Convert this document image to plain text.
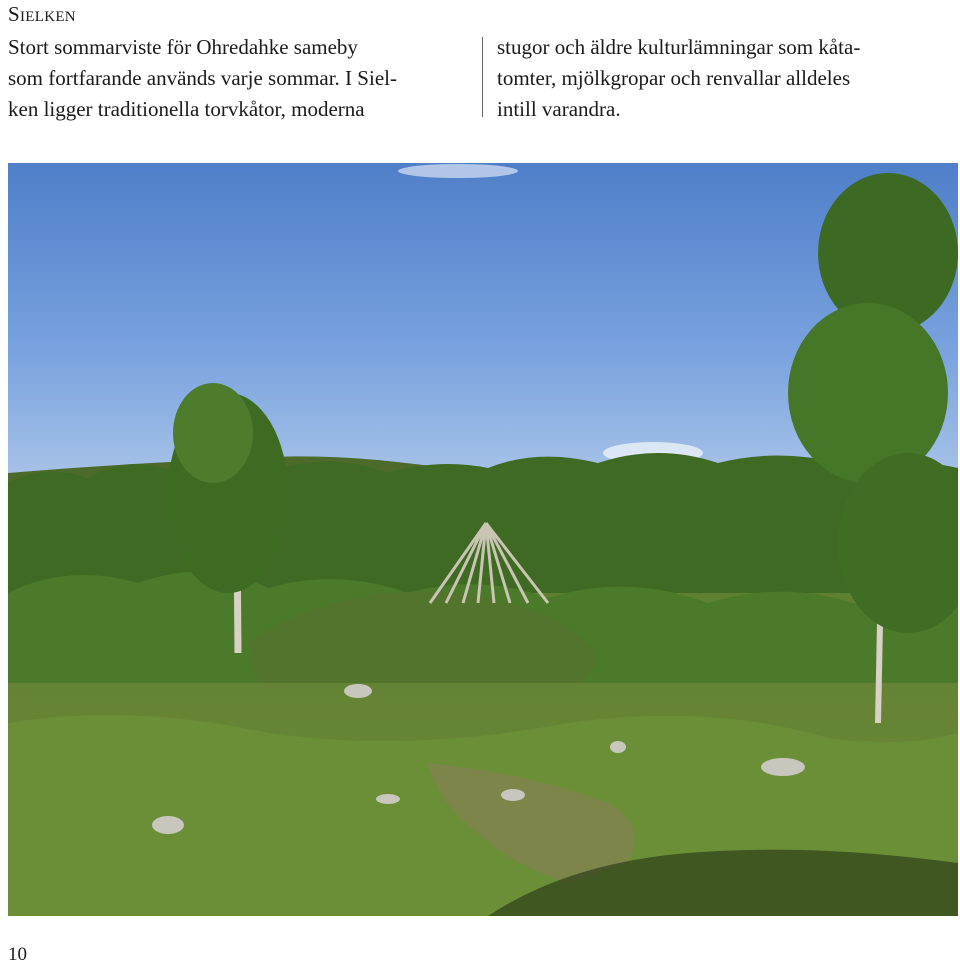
Sielken

Stort sommarviste för Ohredahke sameby
som fortfarande används varje sommar. I Siel-
ken ligger traditionella torvkåtor, moderna

stugor och äldre kulturlämningar som kåta-
tomter, mjölkgropar och renvallar alldeles
intill varandra.

10
